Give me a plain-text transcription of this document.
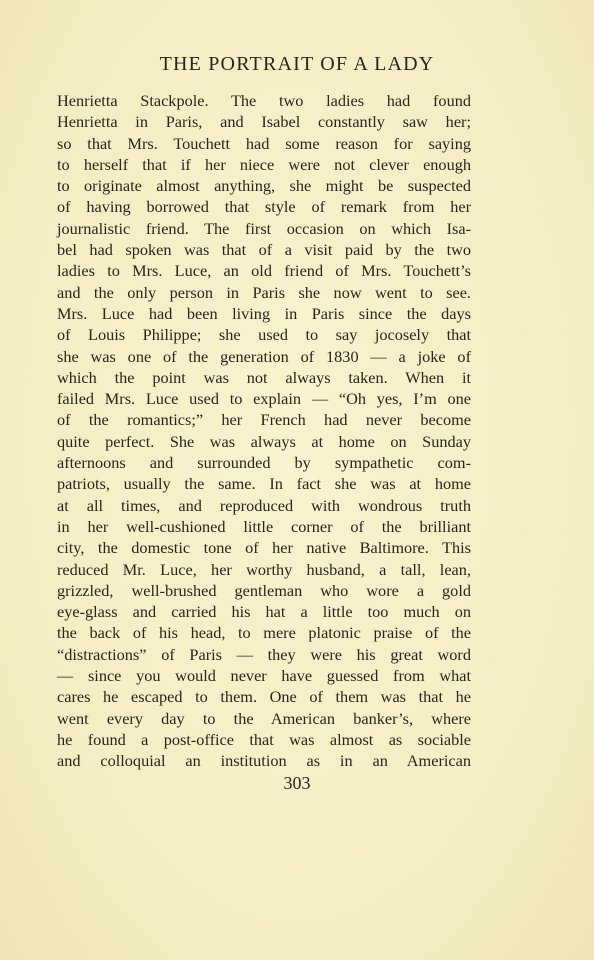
THE PORTRAIT OF A LADY
Henrietta Stackpole. The two ladies had found
Henrietta in Paris, and Isabel constantly saw her;
so that Mrs. Touchett had some reason for saying
to herself that if her niece were not clever enough
to originate almost anything, she might be suspected
of having borrowed that style of remark from her
journalistic friend. The first occasion on which Isa-
bel had spoken was that of a visit paid by the two
ladies to Mrs. Luce, an old friend of Mrs. Touchett’s
and the only person in Paris she now went to see.
Mrs. Luce had been living in Paris since the days
of Louis Philippe; she used to say jocosely that
she was one of the generation of 1830 — a joke of
which the point was not always taken. When it
failed Mrs. Luce used to explain — “Oh yes, I’m one
of the romantics;” her French had never become
quite perfect. She was always at home on Sunday
afternoons and surrounded by sympathetic com-
patriots, usually the same. In fact she was at home
at all times, and reproduced with wondrous truth
in her well-cushioned little corner of the brilliant
city, the domestic tone of her native Baltimore. This
reduced Mr. Luce, her worthy husband, a tall, lean,
grizzled, well-brushed gentleman who wore a gold
eye-glass and carried his hat a little too much on
the back of his head, to mere platonic praise of the
“distractions” of Paris — they were his great word
— since you would never have guessed from what
cares he escaped to them. One of them was that he
went every day to the American banker’s, where
he found a post-office that was almost as sociable
and colloquial an institution as in an American
303
